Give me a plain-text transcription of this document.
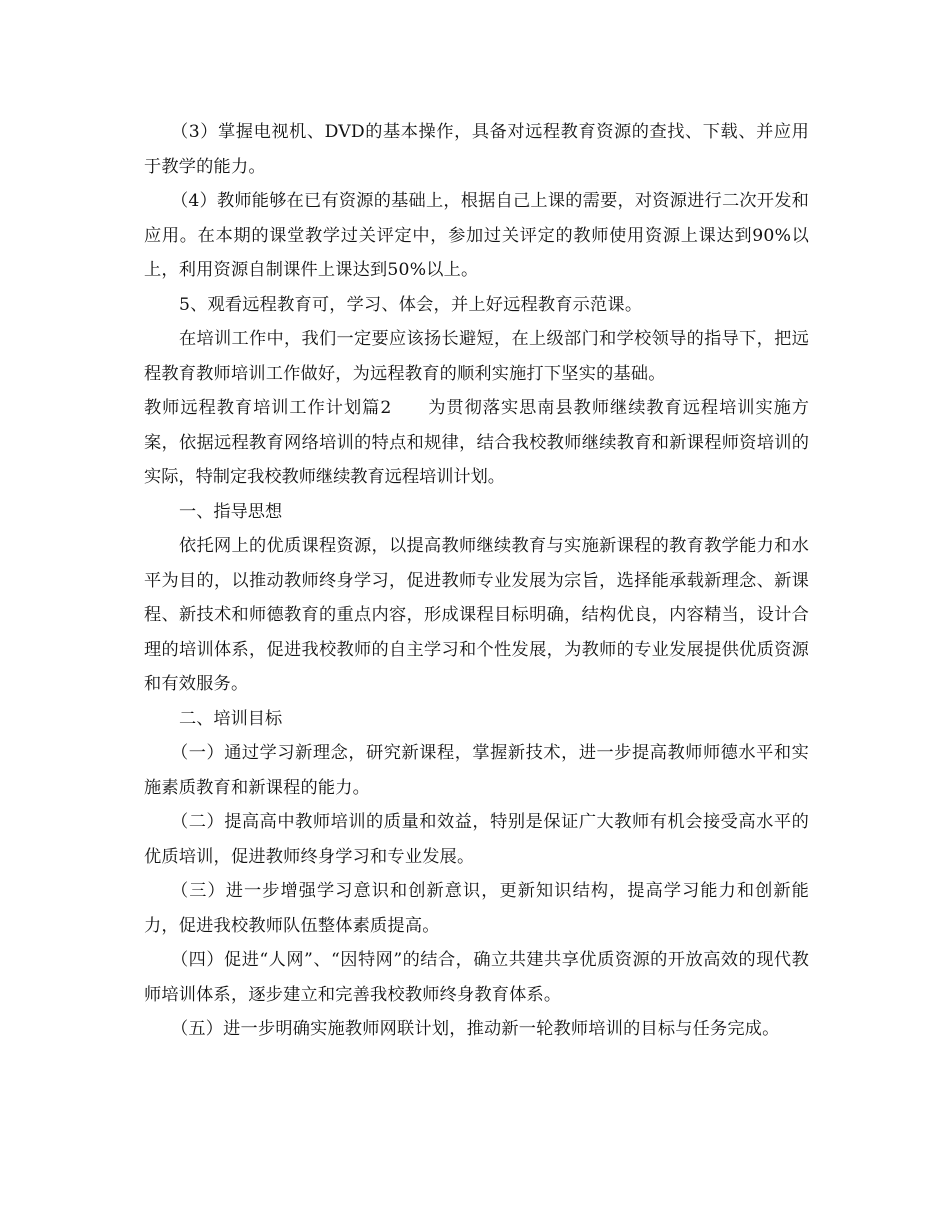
（3）掌握电视机、DVD的基本操作，具备对远程教育资源的查找、下载、并应用于教学的能力。

（4）教师能够在已有资源的基础上，根据自己上课的需要，对资源进行二次开发和应用。在本期的课堂教学过关评定中，参加过关评定的教师使用资源上课达到90%以上，利用资源自制课件上课达到50%以上。

5、观看远程教育可，学习、体会，并上好远程教育示范课。

在培训工作中，我们一定要应该扬长避短，在上级部门和学校领导的指导下，把远程教育教师培训工作做好，为远程教育的顺利实施打下坚实的基础。

教师远程教育培训工作计划篇2 为贯彻落实思南县教师继续教育远程培训实施方案，依据远程教育网络培训的特点和规律，结合我校教师继续教育和新课程师资培训的实际，特制定我校教师继续教育远程培训计划。

一、指导思想

依托网上的优质课程资源，以提高教师继续教育与实施新课程的教育教学能力和水平为目的，以推动教师终身学习，促进教师专业发展为宗旨，选择能承载新理念、新课程、新技术和师德教育的重点内容，形成课程目标明确，结构优良，内容精当，设计合理的培训体系，促进我校教师的自主学习和个性发展，为教师的专业发展提供优质资源和有效服务。

二、培训目标

（一）通过学习新理念，研究新课程，掌握新技术，进一步提高教师师德水平和实施素质教育和新课程的能力。

（二）提高高中教师培训的质量和效益，特别是保证广大教师有机会接受高水平的优质培训，促进教师终身学习和专业发展。

（三）进一步增强学习意识和创新意识，更新知识结构，提高学习能力和创新能力，促进我校教师队伍整体素质提高。

（四）促进“人网”、“因特网”的结合，确立共建共享优质资源的开放高效的现代教师培训体系，逐步建立和完善我校教师终身教育体系。

（五）进一步明确实施教师网联计划，推动新一轮教师培训的目标与任务完成。
